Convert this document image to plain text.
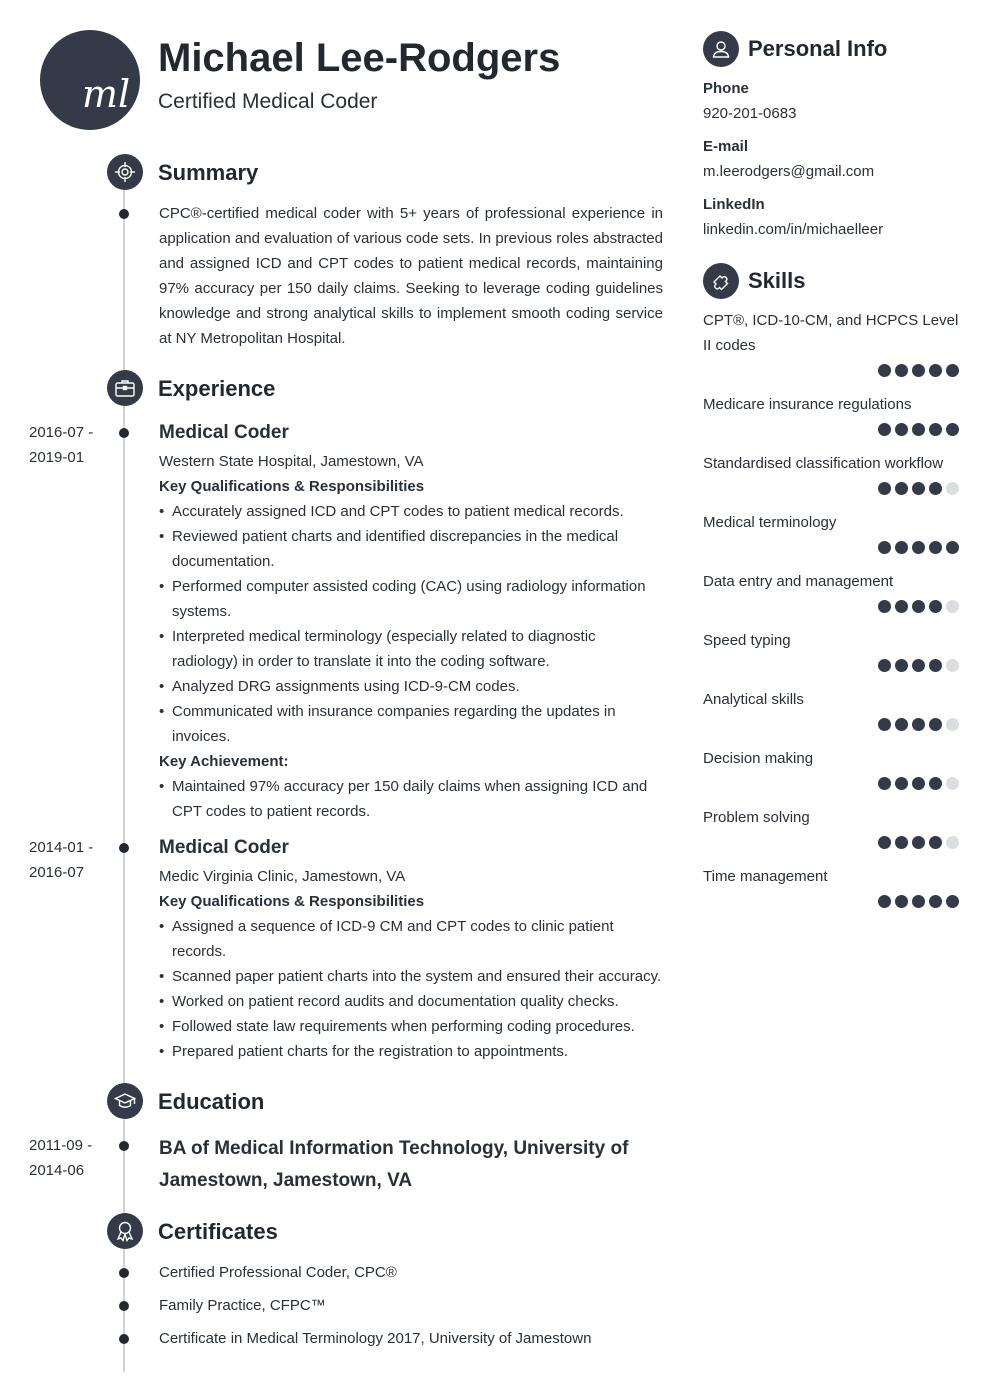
ml
Michael Lee-Rodgers
Certified Medical Coder
Summary
CPC®-certified medical coder with 5+ years of professional experience in application and evaluation of various code sets. In previous roles abstracted and assigned ICD and CPT codes to patient medical records, maintaining 97% accuracy per 150 daily claims. Seeking to leverage coding guidelines knowledge and strong analytical skills to implement smooth coding service at NY Metropolitan Hospital.
Experience
2016-07 -
2019-01
Medical Coder
Western State Hospital, Jamestown, VA
Key Qualifications & Responsibilities
• Accurately assigned ICD and CPT codes to patient medical records.
• Reviewed patient charts and identified discrepancies in the medical documentation.
• Performed computer assisted coding (CAC) using radiology information systems.
• Interpreted medical terminology (especially related to diagnostic radiology) in order to translate it into the coding software.
• Analyzed DRG assignments using ICD-9-CM codes.
• Communicated with insurance companies regarding the updates in invoices.
Key Achievement:
• Maintained 97% accuracy per 150 daily claims when assigning ICD and CPT codes to patient records.
2014-01 -
2016-07
Medical Coder
Medic Virginia Clinic, Jamestown, VA
Key Qualifications & Responsibilities
• Assigned a sequence of ICD-9 CM and CPT codes to clinic patient records.
• Scanned paper patient charts into the system and ensured their accuracy.
• Worked on patient record audits and documentation quality checks.
• Followed state law requirements when performing coding procedures.
• Prepared patient charts for the registration to appointments.
Education
2011-09 -
2014-06
BA of Medical Information Technology, University of Jamestown, Jamestown, VA
Certificates
Certified Professional Coder, CPC®
Family Practice, CFPC™
Certificate in Medical Terminology 2017, University of Jamestown
Personal Info
Phone
920-201-0683
E-mail
m.leerodgers@gmail.com
LinkedIn
linkedin.com/in/michaelleer
Skills
CPT®, ICD-10-CM, and HCPCS Level II codes
Medicare insurance regulations
Standardised classification workflow
Medical terminology
Data entry and management
Speed typing
Analytical skills
Decision making
Problem solving
Time management
